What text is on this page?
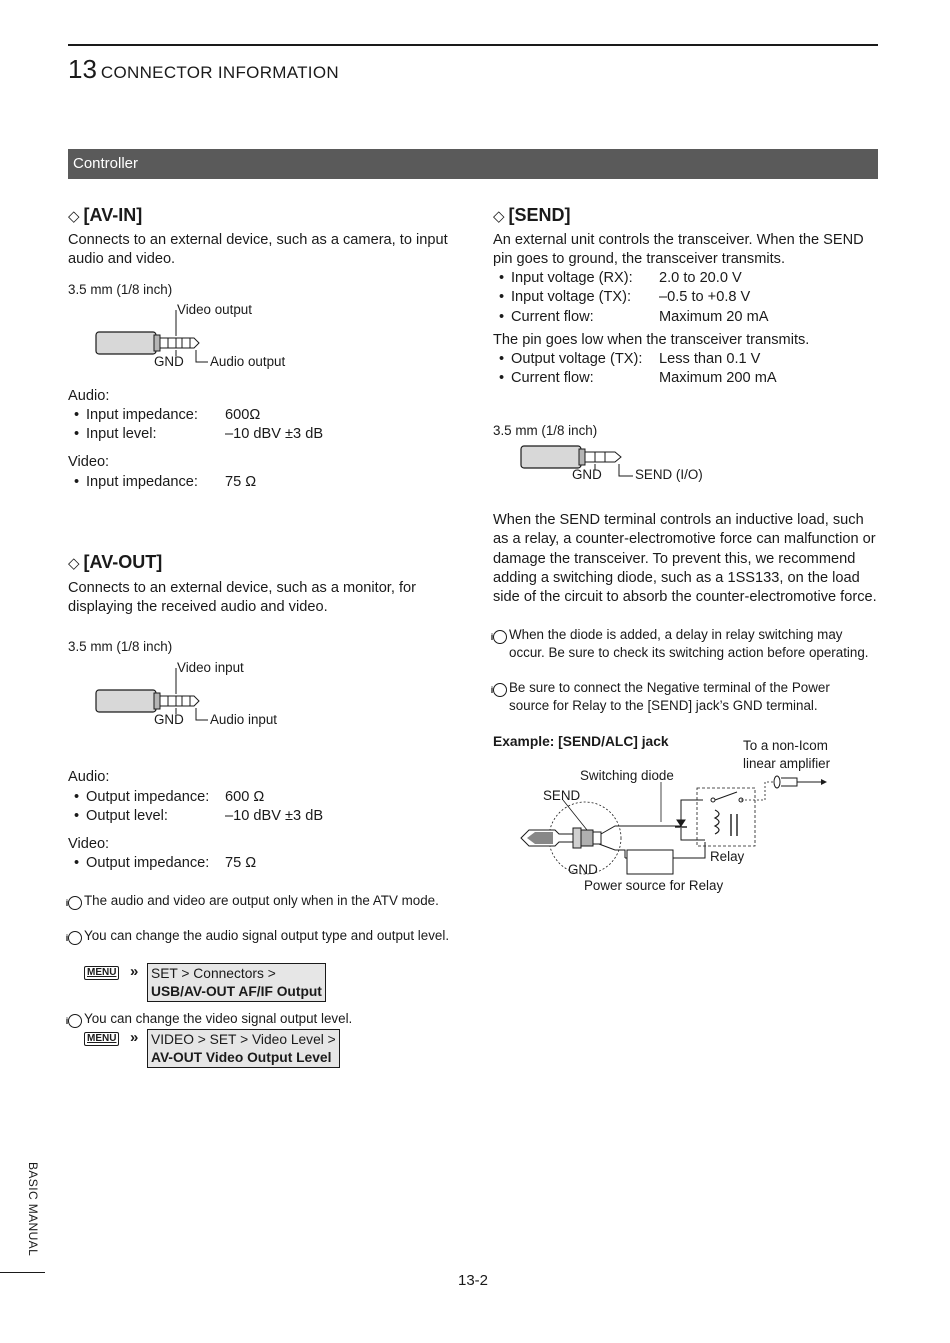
13 CONNECTOR INFORMATION
Controller
◇ [AV-IN]
Connects to an external device, such as a camera, to input audio and video.
3.5 mm (1/8 inch)
Video output
GND Audio output
Audio:
• Input impedance: 600Ω
• Input level:	–10 dBV ±3 dB
Video:
• Input impedance: 75 Ω
◇ [AV-OUT]
Connects to an external device, such as a monitor, for displaying the received audio and video.
3.5 mm (1/8 inch)
Video input
GND Audio input
Audio:
• Output impedance: 600 Ω
• Output level:	–10 dBV ±3 dB
Video:
• Output impedance: 75 Ω
i The audio and video are output only when in the ATV mode.
i You can change the audio signal output type and output level.
MENU » SET > Connectors >
USB/AV-OUT AF/IF Output
i You can change the video signal output level.
MENU » VIDEO > SET > Video Level >
AV-OUT Video Output Level
◇ [SEND]
An external unit controls the transceiver. When the SEND pin goes to ground, the transceiver transmits.
• Input voltage (RX): 2.0 to 20.0 V
• Input voltage (TX): –0.5 to +0.8 V
• Current flow:	Maximum 20 mA
The pin goes low when the transceiver transmits.
• Output voltage (TX): Less than 0.1 V
• Current flow:	Maximum 200 mA
3.5 mm (1/8 inch)
GND SEND (I/O)
When the SEND terminal controls an inductive load, such as a relay, a counter-electromotive force can malfunction or damage the transceiver. To prevent this, we recommend adding a switching diode, such as a 1SS133, on the load side of the circuit to absorb the counter-electromotive force.
i When the diode is added, a delay in relay switching may occur. Be sure to check its switching action before operating.
i Be sure to connect the Negative terminal of the Power source for Relay to the [SEND] jack’s GND terminal.
Example: [SEND/ALC] jack	To a non-Icom linear amplifier
Switching diode
SEND
GND
Relay
Power source for Relay
BASIC MANUAL
13-2
